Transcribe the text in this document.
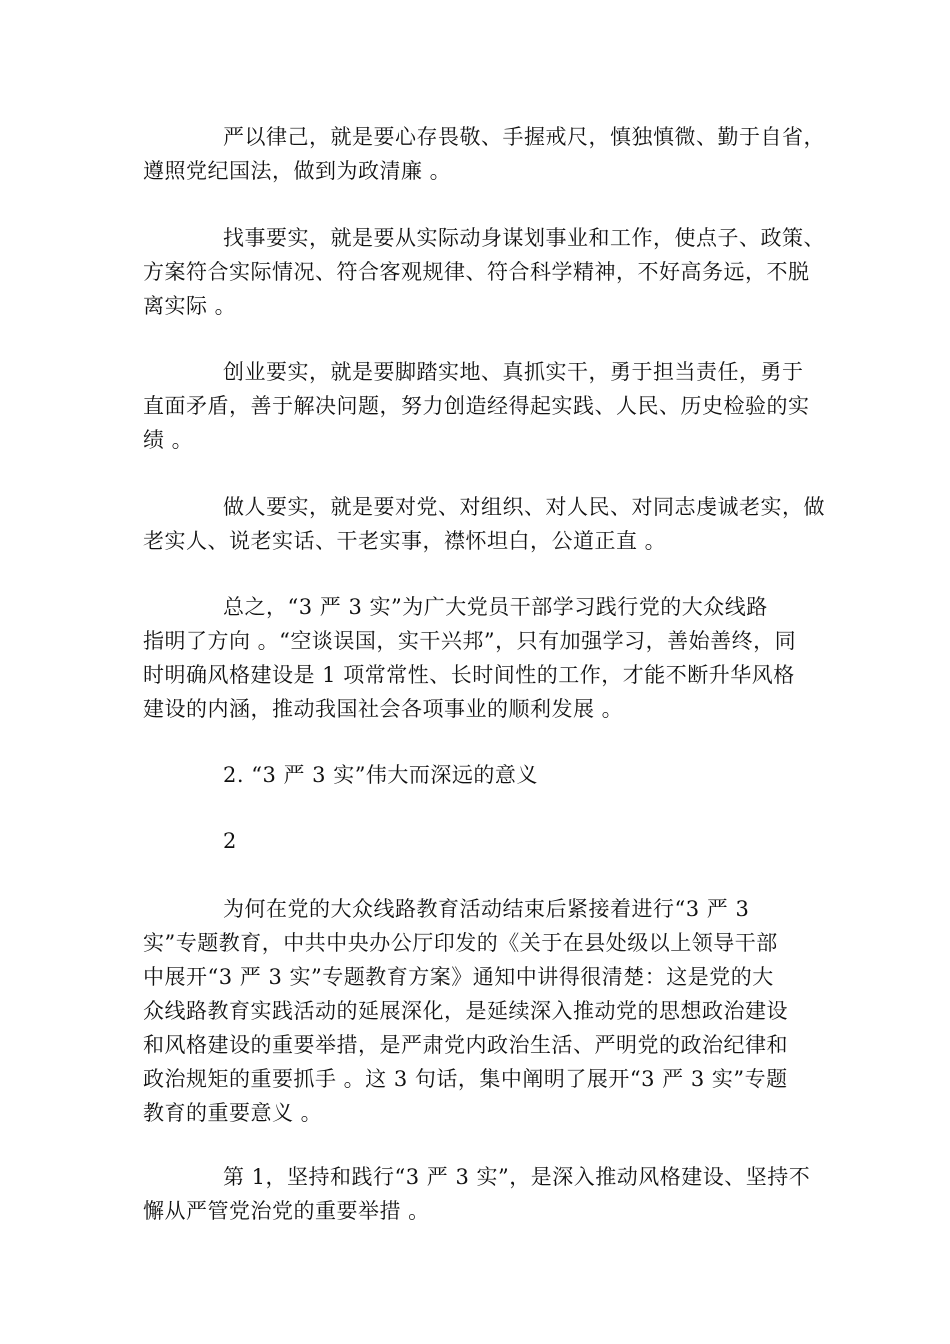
严以律己，就是要心存畏敬、手握戒尺，慎独慎微、勤于自省，
遵照党纪国法，做到为政清廉 。
找事要实，就是要从实际动身谋划事业和工作，使点子、政策、
方案符合实际情况、符合客观规律、符合科学精神，不好高务远，不脱
离实际 。
创业要实，就是要脚踏实地、真抓实干，勇于担当责任，勇于
直面矛盾，善于解决问题，努力创造经得起实践、人民、历史检验的实
绩 。
做人要实，就是要对党、对组织、对人民、对同志虔诚老实，做
老实人、说老实话、干老实事，襟怀坦白，公道正直 。
总之，“3 严 3 实”为广大党员干部学习践行党的大众线路
指明了方向 。“空谈误国，实干兴邦”，只有加强学习，善始善终，同
时明确风格建设是 1 项常常性、长时间性的工作，才能不断升华风格
建设的内涵，推动我国社会各项事业的顺利发展 。
2. “3 严 3 实”伟大而深远的意义
2
为何在党的大众线路教育活动结束后紧接着进行“3 严 3
实”专题教育，中共中央办公厅印发的《关于在县处级以上领导干部
中展开“3 严 3 实”专题教育方案》通知中讲得很清楚：这是党的大
众线路教育实践活动的延展深化，是延续深入推动党的思想政治建设
和风格建设的重要举措，是严肃党内政治生活、严明党的政治纪律和
政治规矩的重要抓手 。这 3 句话，集中阐明了展开“3 严 3 实”专题
教育的重要意义 。
第 1，坚持和践行“3 严 3 实”，是深入推动风格建设、坚持不
懈从严管党治党的重要举措 。
